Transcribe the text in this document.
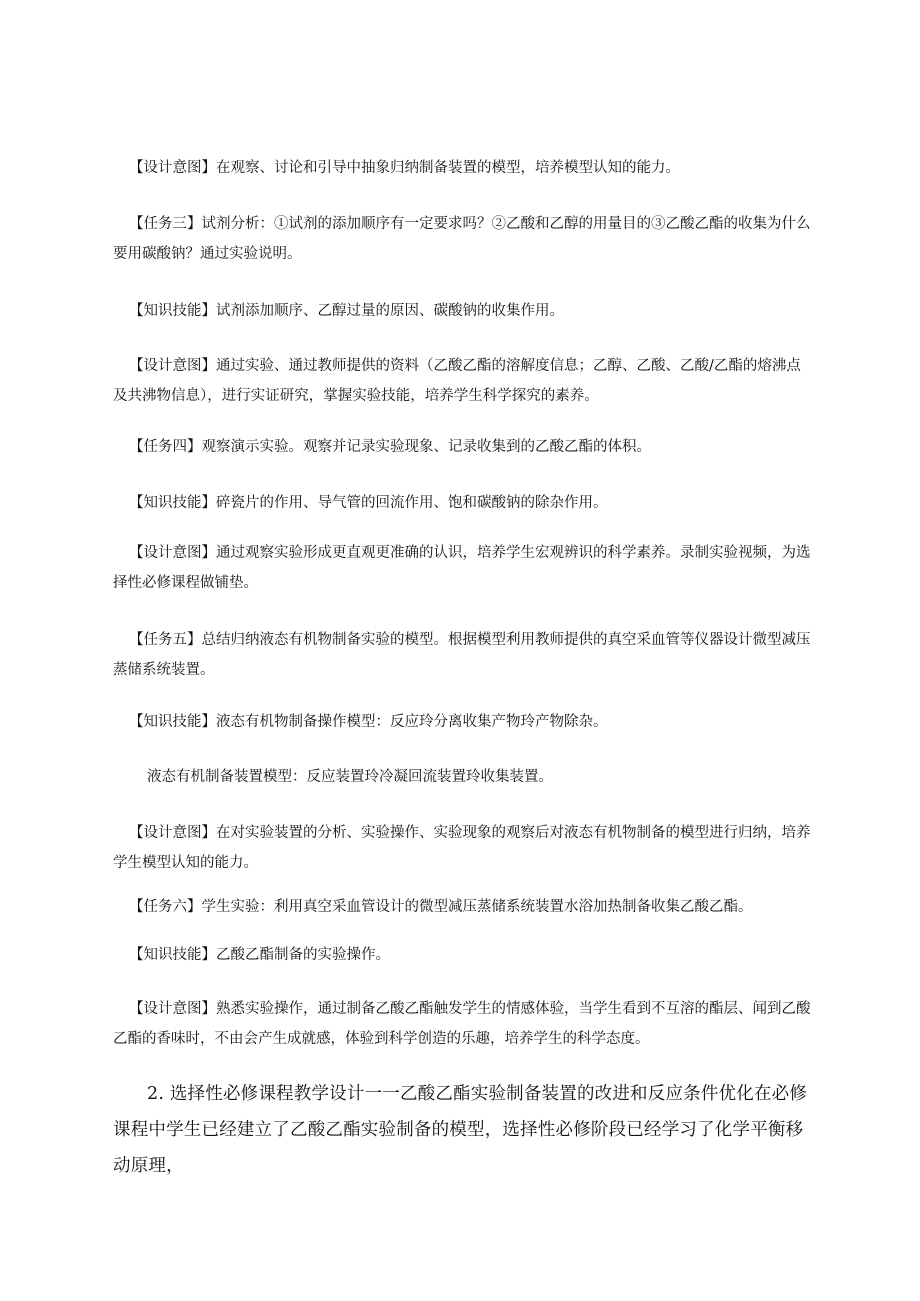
【设计意图】在观察、讨论和引导中抽象归纳制备装置的模型，培养模型认知的能力。

【任务三】试剂分析：①试剂的添加顺序有一定要求吗？②乙酸和乙醇的用量目的③乙酸乙酯的收集为什么要用碳酸钠？通过实验说明。

【知识技能】试剂添加顺序、乙醇过量的原因、碳酸钠的收集作用。

【设计意图】通过实验、通过教师提供的资料（乙酸乙酯的溶解度信息；乙醇、乙酸、乙酸/乙酯的熔沸点及共沸物信息），进行实证研究，掌握实验技能，培养学生科学探究的素养。

【任务四】观察演示实验。观察并记录实验现象、记录收集到的乙酸乙酯的体积。

【知识技能】碎瓷片的作用、导气管的回流作用、饱和碳酸钠的除杂作用。

【设计意图】通过观察实验形成更直观更准确的认识，培养学生宏观辨识的科学素养。录制实验视频，为选择性必修课程做铺垫。

【任务五】总结归纳液态有机物制备实验的模型。根据模型利用教师提供的真空采血管等仪器设计微型减压蒸储系统装置。

【知识技能】液态有机物制备操作模型：反应玲分离收集产物玲产物除杂。

液态有机制备装置模型：反应装置玲冷凝回流装置玲收集装置。

【设计意图】在对实验装置的分析、实验操作、实验现象的观察后对液态有机物制备的模型进行归纳，培养学生模型认知的能力。

【任务六】学生实验：利用真空采血管设计的微型减压蒸储系统装置水浴加热制备收集乙酸乙酯。

【知识技能】乙酸乙酯制备的实验操作。

【设计意图】熟悉实验操作，通过制备乙酸乙酯触发学生的情感体验，当学生看到不互溶的酯层、闻到乙酸乙酯的香味时，不由会产生成就感，体验到科学创造的乐趣，培养学生的科学态度。

2. 选择性必修课程教学设计一一乙酸乙酯实验制备装置的改进和反应条件优化在必修课程中学生已经建立了乙酸乙酯实验制备的模型，选择性必修阶段已经学习了化学平衡移动原理，
